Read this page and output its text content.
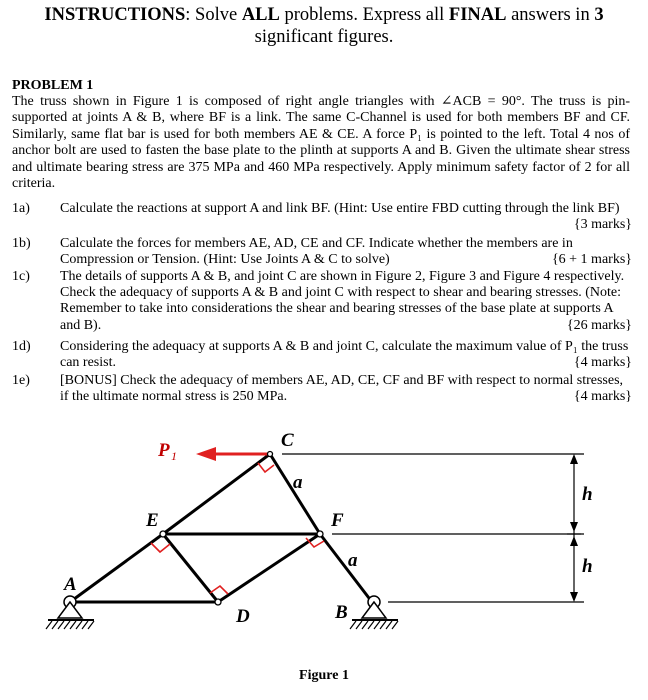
INSTRUCTIONS: Solve ALL problems. Express all FINAL answers in 3
significant figures.
PROBLEM 1
The truss shown in Figure 1 is composed of right angle triangles with ∠ACB = 90°. The truss is pin-supported at joints A & B, where BF is a link. The same C-Channel is used for both members BF and CF. Similarly, same flat bar is used for both members AE & CE. A force P₁ is pointed to the left. Total 4 nos of anchor bolt are used to fasten the base plate to the plinth at supports A and B. Given the ultimate shear stress and ultimate bearing stress are 375 MPa and 460 MPa respectively. Apply minimum safety factor of 2 for all criteria.
1a)	Calculate the reactions at support A and link BF. (Hint: Use entire FBD cutting through the link BF)
{3 marks}
1b)	Calculate the forces for members AE, AD, CE and CF. Indicate whether the members are in Compression or Tension. (Hint: Use Joints A & C to solve)	{6 + 1 marks}
1c)	The details of supports A & B, and joint C are shown in Figure 2, Figure 3 and Figure 4 respectively. Check the adequacy of supports A & B and joint C with respect to shear and bearing stresses. (Note: Remember to take into considerations the shear and bearing stresses of the base plate at supports A and B).	{26 marks}
1d)	Considering the adequacy at supports A & B and joint C, calculate the maximum value of P₁ the truss can resist.	{4 marks}
1e)	[BONUS] Check the adequacy of members AE, AD, CE, CF and BF with respect to normal stresses, if the ultimate normal stress is 250 MPa.	{4 marks}
P 1
C
E	F
A
D	B
a
a
h
h
Figure 1
